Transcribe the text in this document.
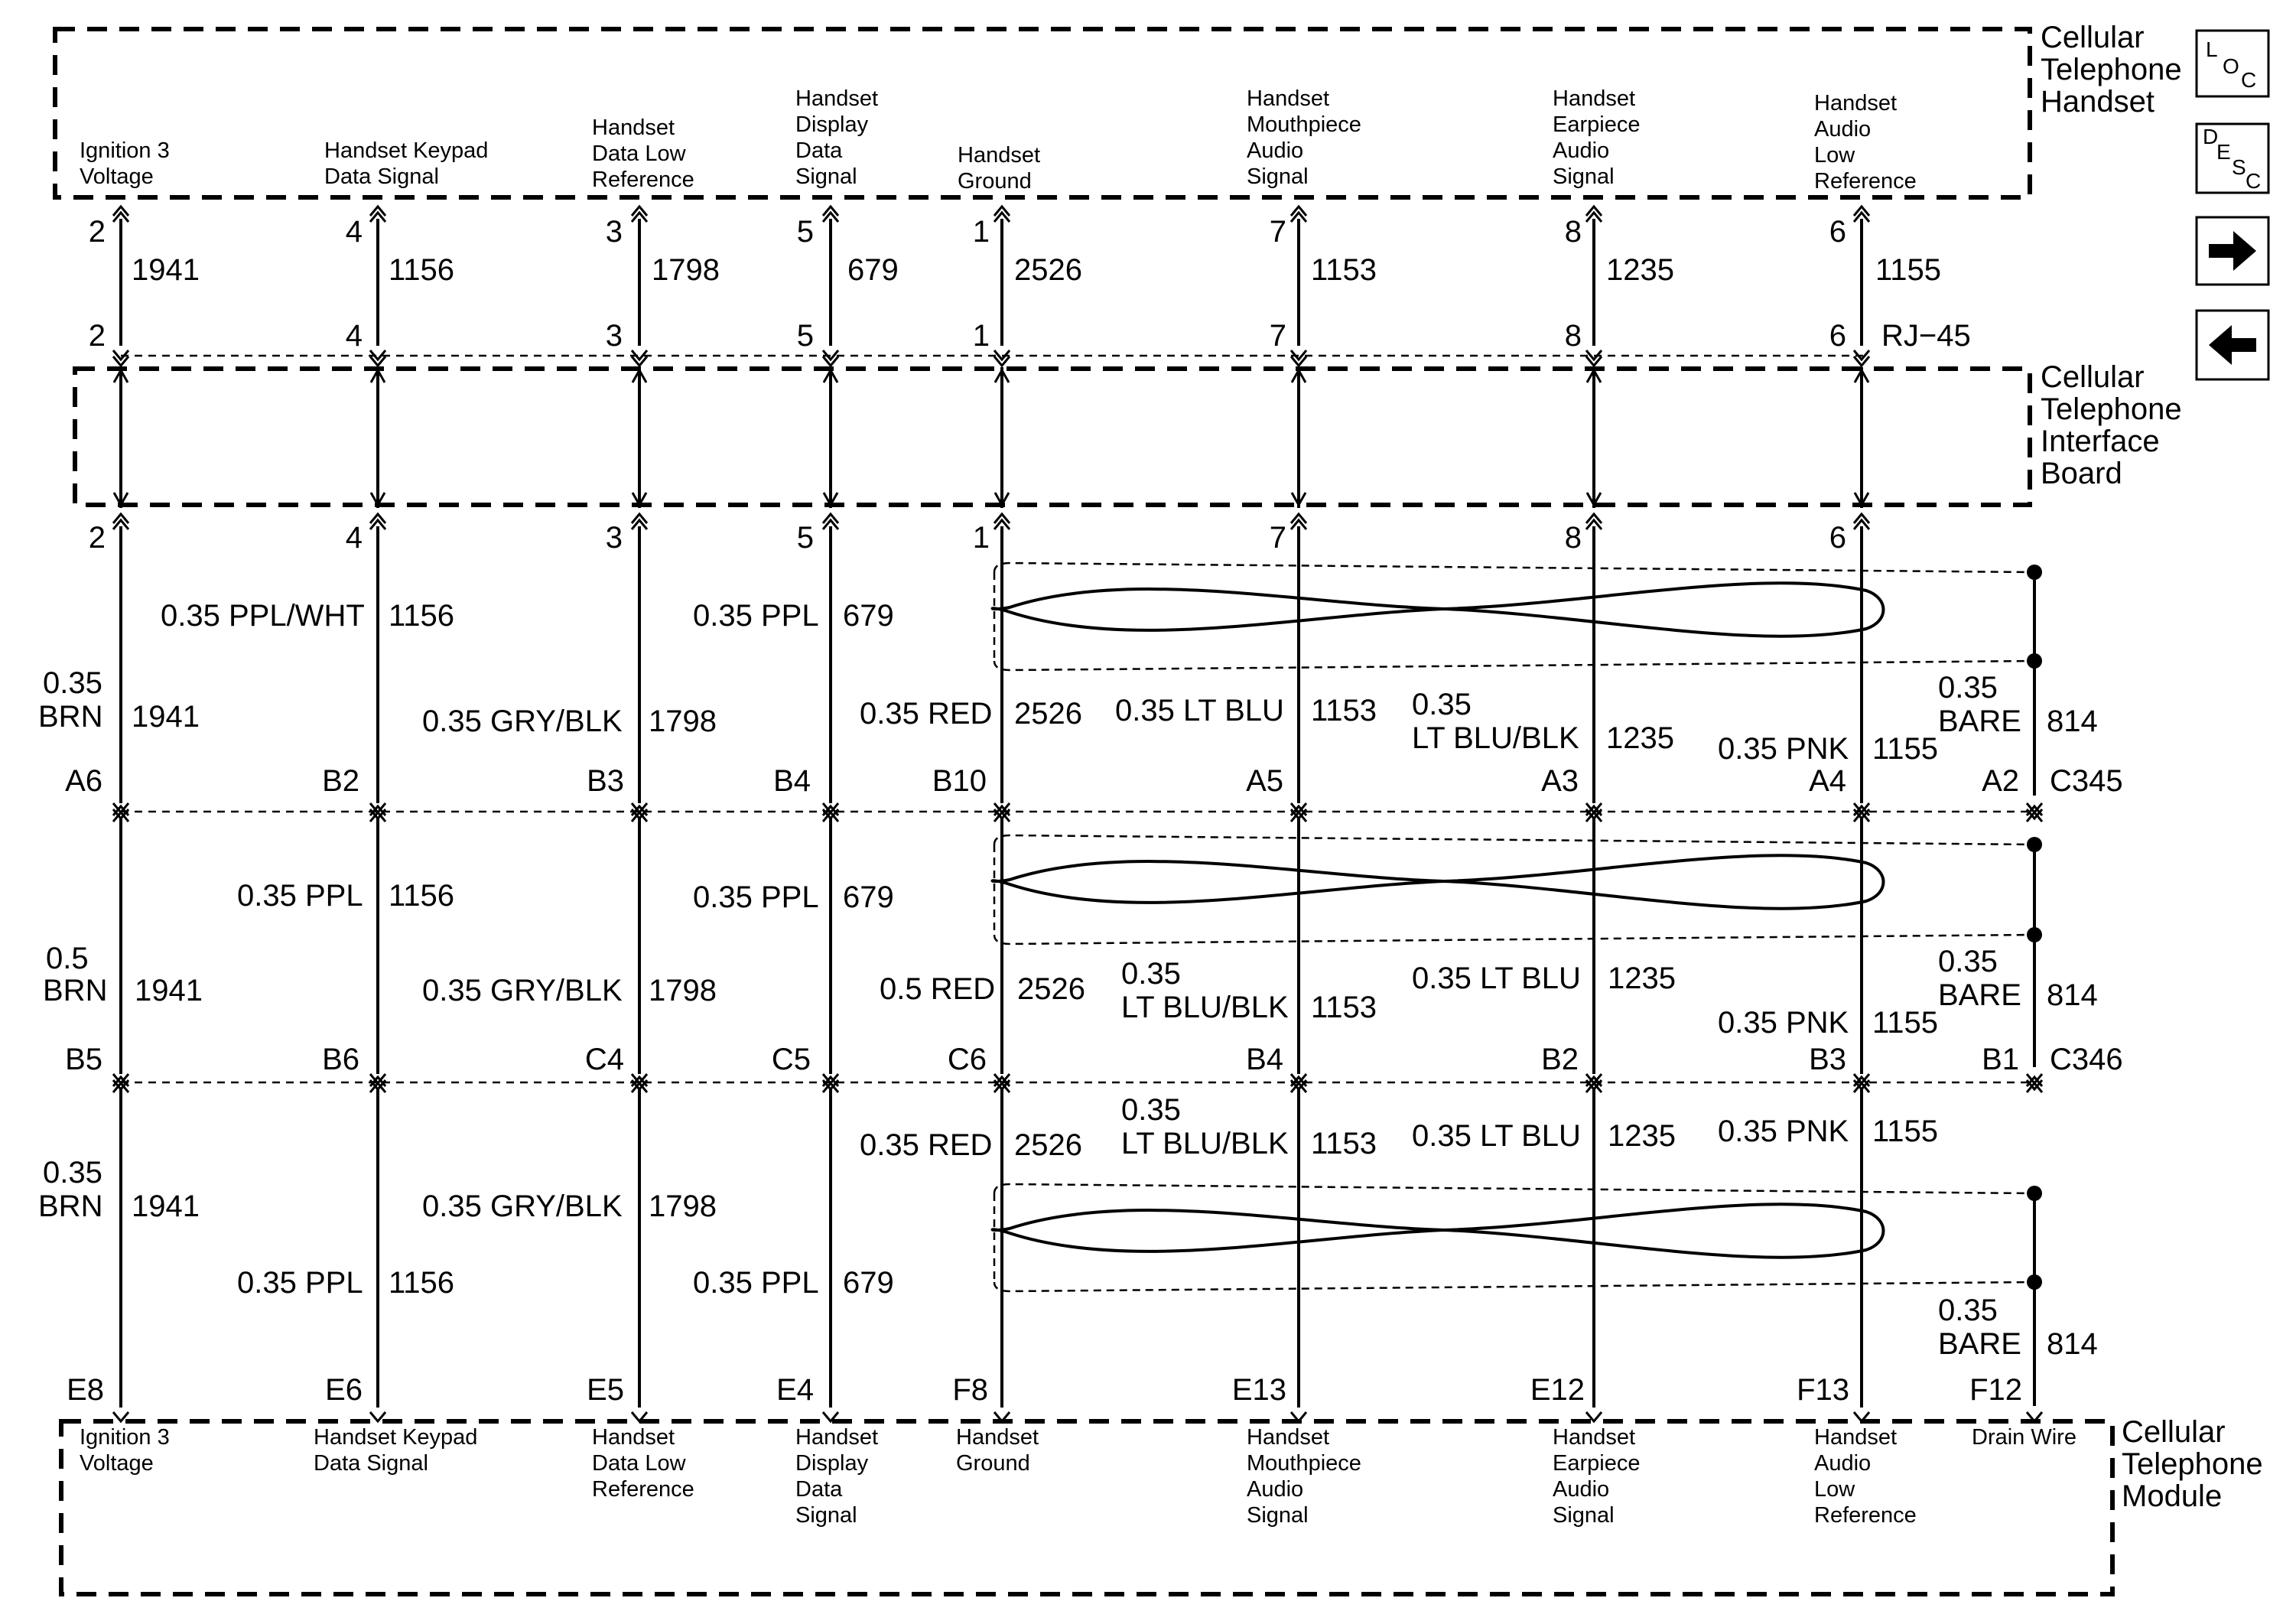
Cellular Telephone Handset
Cellular Telephone Interface Board
Cellular Telephone Module
L O C
D E S C
Ignition 3 Voltage
Handset Keypad Data Signal
Handset Data Low Reference
Handset Display Data Signal
Handset Ground
Handset Mouthpiece Audio Signal
Handset Earpiece Audio Signal
Handset Audio Low Reference
Ignition 3 Voltage
Handset Keypad Data Signal
Handset Data Low Reference
Handset Display Data Signal
Handset Ground
Handset Mouthpiece Audio Signal
Handset Earpiece Audio Signal
Handset Audio Low Reference
Drain Wire
2	4	3	5	1	7	8	6
1941	1156	1798	679	2526	1153	1235	1155
2	4	3	5	1	7	8	6 RJ−45
2	4	3	5	1	7	8	6
0.35 BRN 1941
0.35 PPL/WHT 1156
0.35 GRY/BLK 1798
0.35 PPL 679
0.35 RED 2526 0.35 LT BLU 1153 0.35 LT BLU/BLK 1235 0.35 PNK 1155
0.35 BARE 814
A6	B2	B3	B4	B10	A5	A3	A4	A2 C345
0.5 BRN 1941
0.35 PPL 1156
0.35 GRY/BLK 1798
0.35 PPL 679
0.5 RED 2526 0.35 LT BLU/BLK 1153
0.35 LT BLU 1235
0.35 PNK 1155
0.35 BARE 814
B5	B6	C4	C5	C6	B4	B2	B3	B1 C346
0.35 BRN 1941
0.35 PPL 1156
0.35 GRY/BLK 1798
0.35 PPL 679
0.35 RED 2526
0.35 LT BLU/BLK 1153 0.35 LT BLU 1235 0.35 PNK 1155
0.35 BARE 814
E8	E6	E5	E4	F8	E13	E12	F13	F12
